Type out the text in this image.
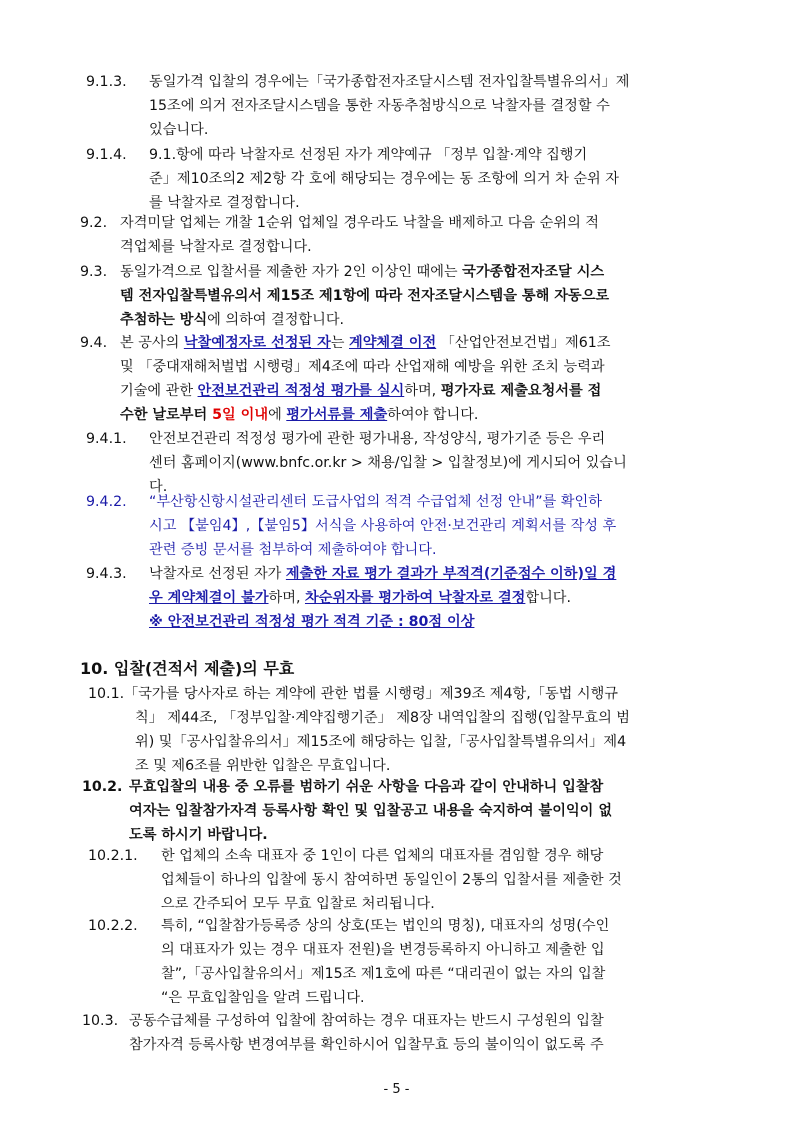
9.1.3. 동일가격 입찰의 경우에는「국가종합전자조달시스템 전자입찰특별유의서」제
15조에 의거 전자조달시스템을 통한 자동추첨방식으로 낙찰자를 결정할 수
있습니다.
9.1.4. 9.1.항에 따라 낙찰자로 선정된 자가 계약예규 「정부 입찰·계약 집행기
준」제10조의2 제2항 각 호에 해당되는 경우에는 동 조항에 의거 차 순위 자
를 낙찰자로 결정합니다.
9.2. 자격미달 업체는 개찰 1순위 업체일 경우라도 낙찰을 배제하고 다음 순위의 적
격업체를 낙찰자로 결정합니다.
9.3. 동일가격으로 입찰서를 제출한 자가 2인 이상인 때에는 국가종합전자조달 시스
템 전자입찰특별유의서 제15조 제1항에 따라 전자조달시스템을 통해 자동으로
추첨하는 방식에 의하여 결정합니다.
9.4. 본 공사의 낙찰예정자로 선정된 자는 계약체결 이전 「산업안전보건법」제61조
및 「중대재해처벌법 시행령」제4조에 따라 산업재해 예방을 위한 조치 능력과
기술에 관한 안전보건관리 적정성 평가를 실시하며, 평가자료 제출요청서를 접
수한 날로부터 5일 이내에 평가서류를 제출하여야 합니다.
9.4.1. 안전보건관리 적정성 평가에 관한 평가내용, 작성양식, 평가기준 등은 우리
센터 홈페이지(www.bnfc.or.kr > 채용/입찰 > 입찰정보)에 게시되어 있습니
다.
9.4.2. “부산항신항시설관리센터 도급사업의 적격 수급업체 선정 안내”를 확인하
시고 【붙임4】,【붙임5】서식을 사용하여 안전·보건관리 계획서를 작성 후
관련 증빙 문서를 첨부하여 제출하여야 합니다.
9.4.3. 낙찰자로 선정된 자가 제출한 자료 평가 결과가 부적격(기준점수 이하)일 경
우 계약체결이 불가하며, 차순위자를 평가하여 낙찰자로 결정합니다.
※ 안전보건관리 적정성 평가 적격 기준 : 80점 이상
10. 입찰(견적서 제출)의 무효
10.1. 「국가를 당사자로 하는 계약에 관한 법률 시행령」제39조 제4항,「동법 시행규
칙」 제44조, 「정부입찰·계약집행기준」 제8장 내역입찰의 집행(입찰무효의 범
위) 및「공사입찰유의서」제15조에 해당하는 입찰,「공사입찰특별유의서」제4
조 및 제6조를 위반한 입찰은 무효입니다.
10.2. 무효입찰의 내용 중 오류를 범하기 쉬운 사항을 다음과 같이 안내하니 입찰참
여자는 입찰참가자격 등록사항 확인 및 입찰공고 내용을 숙지하여 불이익이 없
도록 하시기 바랍니다.
10.2.1. 한 업체의 소속 대표자 중 1인이 다른 업체의 대표자를 겸임할 경우 해당
업체들이 하나의 입찰에 동시 참여하면 동일인이 2통의 입찰서를 제출한 것
으로 간주되어 모두 무효 입찰로 처리됩니다.
10.2.2. 특히, “입찰참가등록증 상의 상호(또는 법인의 명칭), 대표자의 성명(수인
의 대표자가 있는 경우 대표자 전원)을 변경등록하지 아니하고 제출한 입
찰”,「공사입찰유의서」제15조 제1호에 따른 “대리권이 없는 자의 입찰
“은 무효입찰임을 알려 드립니다.
10.3. 공동수급체를 구성하여 입찰에 참여하는 경우 대표자는 반드시 구성원의 입찰
참가자격 등록사항 변경여부를 확인하시어 입찰무효 등의 불이익이 없도록 주
- 5 -
